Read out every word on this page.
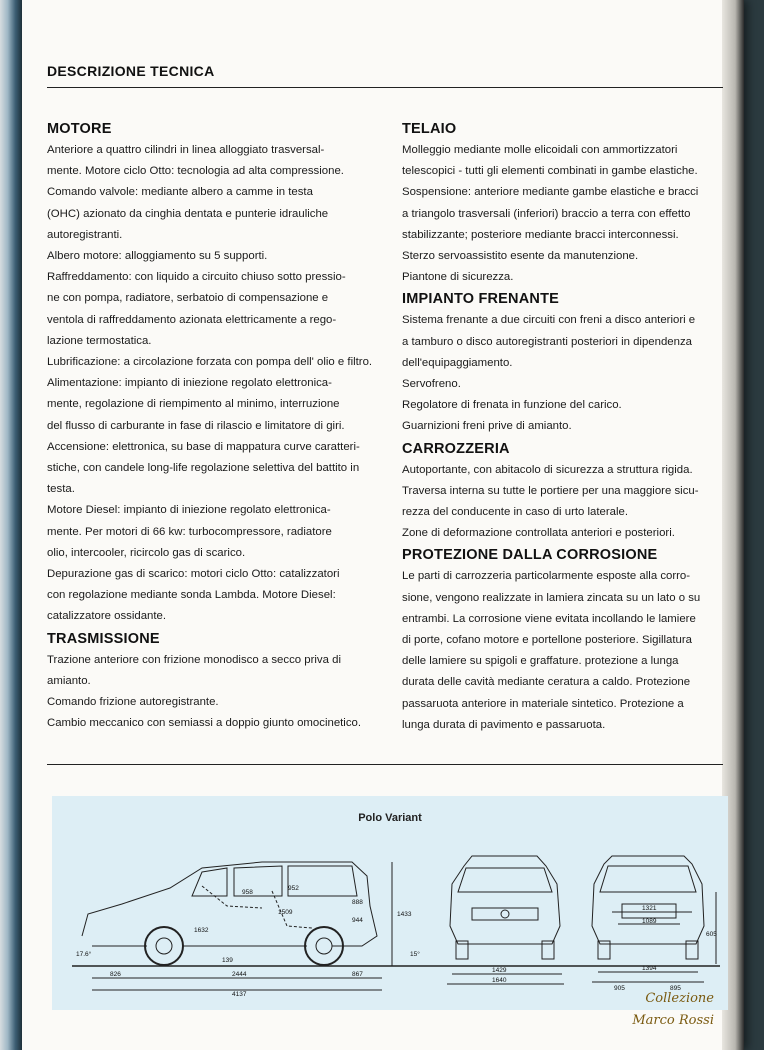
DESCRIZIONE TECNICA
MOTORE

Anteriore a quattro cilindri in linea alloggiato trasversal-

mente. Motore ciclo Otto: tecnologia ad alta compressione.

Comando valvole: mediante albero a camme in testa

(OHC) azionato da cinghia dentata e punterie idrauliche

autoregistranti.

Albero motore: alloggiamento su 5 supporti.

Raffreddamento: con liquido a circuito chiuso sotto pressio-

ne con pompa, radiatore, serbatoio di compensazione e

ventola di raffreddamento azionata elettricamente a rego-

lazione termostatica.

Lubrificazione: a circolazione forzata con pompa dell' olio e filtro.

Alimentazione: impianto di iniezione regolato elettronica-

mente, regolazione di riempimento al minimo, interruzione

del flusso di carburante in fase di rilascio e limitatore di giri.

Accensione: elettronica, su base di mappatura curve caratteri-

stiche, con candele long-life regolazione selettiva del battito in

testa.

Motore Diesel: impianto di iniezione regolato elettronica-

mente. Per motori di 66 kw: turbocompressore, radiatore

olio, intercooler, ricircolo gas di scarico.

Depurazione gas di scarico: motori ciclo Otto: catalizzatori

con regolazione mediante sonda Lambda. Motore Diesel:

catalizzatore ossidante.

TRASMISSIONE

Trazione anteriore con frizione monodisco a secco priva di

amianto.

Comando frizione autoregistrante.

Cambio meccanico con semiassi a doppio giunto omocinetico.

TELAIO

Molleggio mediante molle elicoidali con ammortizzatori

telescopici - tutti gli elementi combinati in gambe elastiche.

Sospensione: anteriore mediante gambe elastiche e bracci

a triangolo trasversali (inferiori) braccio a terra con effetto

stabilizzante; posteriore mediante bracci interconnessi.

Sterzo servoassistito esente da manutenzione.

Piantone di sicurezza.

IMPIANTO FRENANTE

Sistema frenante a due circuiti con freni a disco anteriori e

a tamburo o disco autoregistranti posteriori in dipendenza

dell'equipaggiamento.

Servofreno.

Regolatore di frenata in funzione del carico.

Guarnizioni freni prive di amianto.

CARROZZERIA

Autoportante, con abitacolo di sicurezza a struttura rigida.

Traversa interna su tutte le portiere per una maggiore sicu-

rezza del conducente in caso di urto laterale.

Zone di deformazione controllata anteriori e posteriori.

PROTEZIONE DALLA CORROSIONE

Le parti di carrozzeria particolarmente esposte alla corro-

sione, vengono realizzate in lamiera zincata su un lato o su

entrambi. La corrosione viene evitata incollando le lamiere

di porte, cofano motore e portellone posteriore. Sigillatura

delle lamiere su spigoli e graffature. protezione a lunga

durata delle cavità mediante ceratura a caldo. Protezione

passaruota anteriore in materiale sintetico. Protezione a

lunga durata di pavimento e passaruota.

826	2444	867
4137
1433
139
17.6°	15°
958
952
1509
888
944
1632
1429
1640
1321
1089
1394
905	895
605
Polo Variant
Collezione
Marco Rossi
